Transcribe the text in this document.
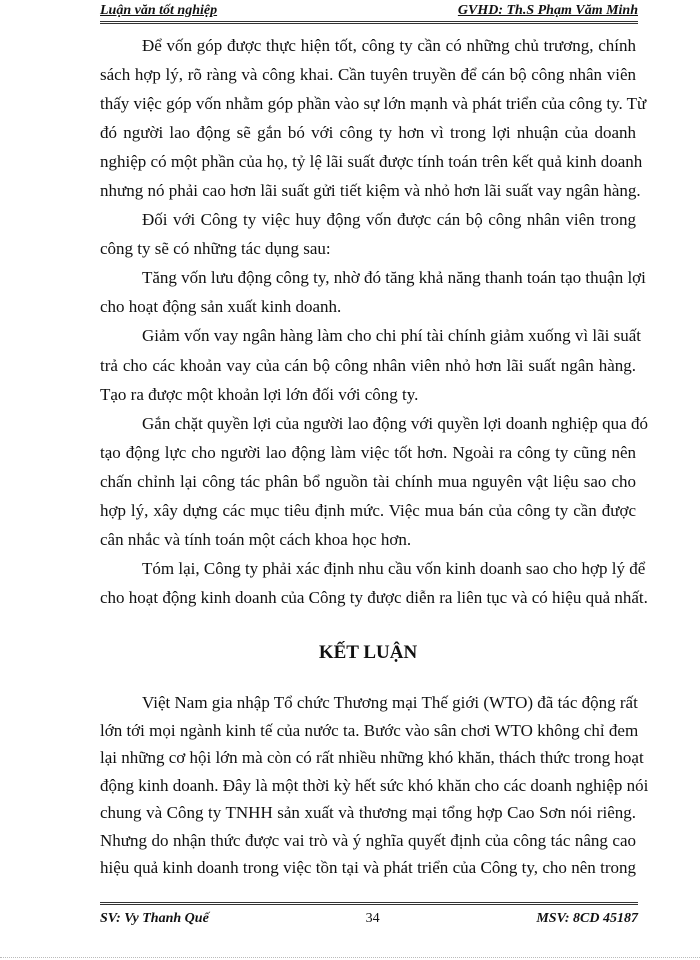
Luận văn tốt nghiệp	GVHD: Th.S Phạm Văm Minh
Để vốn góp được thực hiện tốt, công ty cần có những chủ trương, chính
sách hợp lý, rõ ràng và công khai. Cần tuyên truyền để cán bộ công nhân viên
thấy việc góp vốn nhằm góp phần vào sự lớn mạnh và phát triển của công ty. Từ
đó người lao động sẽ gắn bó với công ty hơn vì trong lợi nhuận của doanh
nghiệp có một phần của họ, tỷ lệ lãi suất được tính toán trên kết quả kinh doanh
nhưng nó phải cao hơn lãi suất gửi tiết kiệm và nhỏ hơn lãi suất vay ngân hàng.
Đối với Công ty việc huy động vốn được cán bộ công nhân viên trong
công ty sẽ có những tác dụng sau:
Tăng vốn lưu động công ty, nhờ đó tăng khả năng thanh toán tạo thuận lợi
cho hoạt động sản xuất kinh doanh.
Giảm vốn vay ngân hàng làm cho chi phí tài chính giảm xuống vì lãi suất
trả cho các khoản vay của cán bộ công nhân viên nhỏ hơn lãi suất ngân hàng.
Tạo ra được một khoản lợi lớn đối với công ty.
Gắn chặt quyền lợi của người lao động với quyền lợi doanh nghiệp qua đó
tạo động lực cho người lao động làm việc tốt hơn. Ngoài ra công ty cũng nên
chấn chỉnh lại công tác phân bổ nguồn tài chính mua nguyên vật liệu sao cho
hợp lý, xây dựng các mục tiêu định mức. Việc mua bán của công ty cần được
cân nhắc và tính toán một cách khoa học hơn.
Tóm lại, Công ty phải xác định nhu cầu vốn kinh doanh sao cho hợp lý để
cho hoạt động kinh doanh của Công ty được diễn ra liên tục và có hiệu quả nhất.
KẾT LUẬN
Việt Nam gia nhập Tổ chức Thương mại Thế giới (WTO) đã tác động rất
lớn tới mọi ngành kinh tế của nước ta. Bước vào sân chơi WTO không chỉ đem
lại những cơ hội lớn mà còn có rất nhiều những khó khăn, thách thức trong hoạt
động kinh doanh. Đây là một thời kỳ hết sức khó khăn cho các doanh nghiệp nói
chung và Công ty TNHH sản xuất và thương mại tổng hợp Cao Sơn nói riêng.
Nhưng do nhận thức được vai trò và ý nghĩa quyết định của công tác nâng cao
hiệu quả kinh doanh trong việc tồn tại và phát triển của Công ty, cho nên trong
SV: Vy Thanh Quế	34	MSV: 8CD 45187
